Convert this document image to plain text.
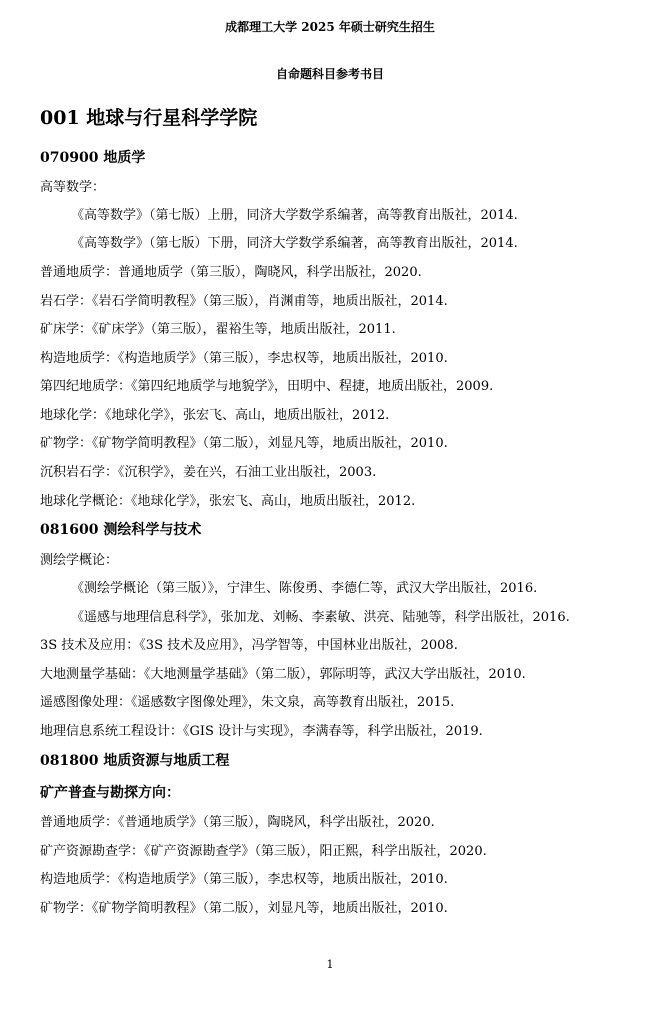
成都理工大学 2025 年硕士研究生招生
自命题科目参考书目
001 地球与行星科学学院
070900 地质学
高等数学：
《高等数学》（第七版）上册，同济大学数学系编著，高等教育出版社，2014.
《高等数学》（第七版）下册，同济大学数学系编著，高等教育出版社，2014.
普通地质学：普通地质学（第三版），陶晓风，科学出版社，2020.
岩石学：《岩石学简明教程》（第三版），肖渊甫等，地质出版社，2014.
矿床学：《矿床学》（第三版），翟裕生等，地质出版社，2011.
构造地质学：《构造地质学》（第三版），李忠权等，地质出版社，2010.
第四纪地质学：《第四纪地质学与地貌学》，田明中、程捷，地质出版社，2009.
地球化学：《地球化学》，张宏飞、高山，地质出版社，2012.
矿物学：《矿物学简明教程》（第二版），刘显凡等，地质出版社，2010.
沉积岩石学：《沉积学》，姜在兴，石油工业出版社，2003.
地球化学概论：《地球化学》，张宏飞、高山，地质出版社，2012.
081600 测绘科学与技术
测绘学概论：
《测绘学概论（第三版）》，宁津生、陈俊勇、李德仁等，武汉大学出版社，2016.
《遥感与地理信息科学》，张加龙、刘畅、李素敏、洪亮、陆驰等，科学出版社，2016.
3S 技术及应用：《3S 技术及应用》，冯学智等，中国林业出版社，2008.
大地测量学基础：《大地测量学基础》（第二版），郭际明等，武汉大学出版社，2010.
遥感图像处理：《遥感数字图像处理》，朱文泉，高等教育出版社，2015.
地理信息系统工程设计：《GIS 设计与实现》，李满春等，科学出版社，2019.
081800 地质资源与地质工程
矿产普查与勘探方向：
普通地质学：《普通地质学》（第三版），陶晓风，科学出版社，2020.
矿产资源勘查学：《矿产资源勘查学》（第三版），阳正熙，科学出版社，2020.
构造地质学：《构造地质学》（第三版），李忠权等，地质出版社，2010.
矿物学：《矿物学简明教程》（第二版），刘显凡等，地质出版社，2010.
1
